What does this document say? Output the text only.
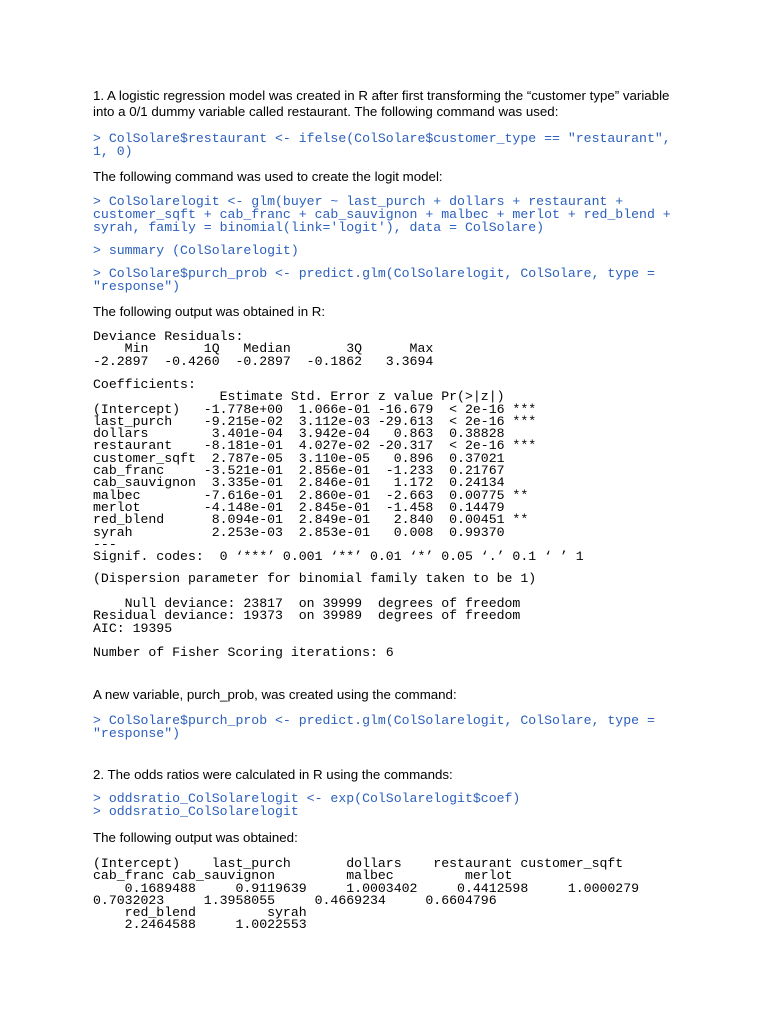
1. A logistic regression model was created in R after first transforming the “customer type” variable
into a 0/1 dummy variable called restaurant. The following command was used:

> ColSolare$restaurant <- ifelse(ColSolare$customer_type == "restaurant",
1, 0)

The following command was used to create the logit model:

> ColSolarelogit <- glm(buyer ~ last_purch + dollars + restaurant +
customer_sqft + cab_franc + cab_sauvignon + malbec + merlot + red_blend +
syrah, family = binomial(link='logit'), data = ColSolare)
> summary (ColSolarelogit)
> ColSolare$purch_prob <- predict.glm(ColSolarelogit, ColSolare, type =
"response")

The following output was obtained in R:

Deviance Residuals:
Min       1Q   Median       3Q      Max
-2.2897  -0.4260  -0.2897  -0.1862   3.3694
Coefficients:
Estimate Std. Error z value Pr(>|z|)
(Intercept)   -1.778e+00  1.066e-01 -16.679  < 2e-16 ***
last_purch    -9.215e-02  3.112e-03 -29.613  < 2e-16 ***
dollars        3.401e-04  3.942e-04   0.863  0.38828
restaurant    -8.181e-01  4.027e-02 -20.317  < 2e-16 ***
customer_sqft  2.787e-05  3.110e-05   0.896  0.37021
cab_franc     -3.521e-01  2.856e-01  -1.233  0.21767
cab_sauvignon  3.335e-01  2.846e-01   1.172  0.24134
malbec        -7.616e-01  2.860e-01  -2.663  0.00775 **
merlot        -4.148e-01  2.845e-01  -1.458  0.14479
red_blend      8.094e-01  2.849e-01   2.840  0.00451 **
syrah          2.253e-03  2.853e-01   0.008  0.99370
---
Signif. codes:  0 ‘***’ 0.001 ‘**’ 0.01 ‘*’ 0.05 ‘.’ 0.1 ‘ ’ 1
(Dispersion parameter for binomial family taken to be 1)
Null deviance: 23817  on 39999  degrees of freedom
Residual deviance: 19373  on 39989  degrees of freedom
AIC: 19395
Number of Fisher Scoring iterations: 6

A new variable, purch_prob, was created using the command:

> ColSolare$purch_prob <- predict.glm(ColSolarelogit, ColSolare, type =
"response")

2. The odds ratios were calculated in R using the commands:

> oddsratio_ColSolarelogit <- exp(ColSolarelogit$coef)
> oddsratio_ColSolarelogit

The following output was obtained:

(Intercept)    last_purch       dollars    restaurant customer_sqft
cab_franc cab_sauvignon         malbec         merlot
0.1689488     0.9119639     1.0003402     0.4412598     1.0000279
0.7032023     1.3958055     0.4669234     0.6604796
red_blend         syrah
2.2464588     1.0022553
